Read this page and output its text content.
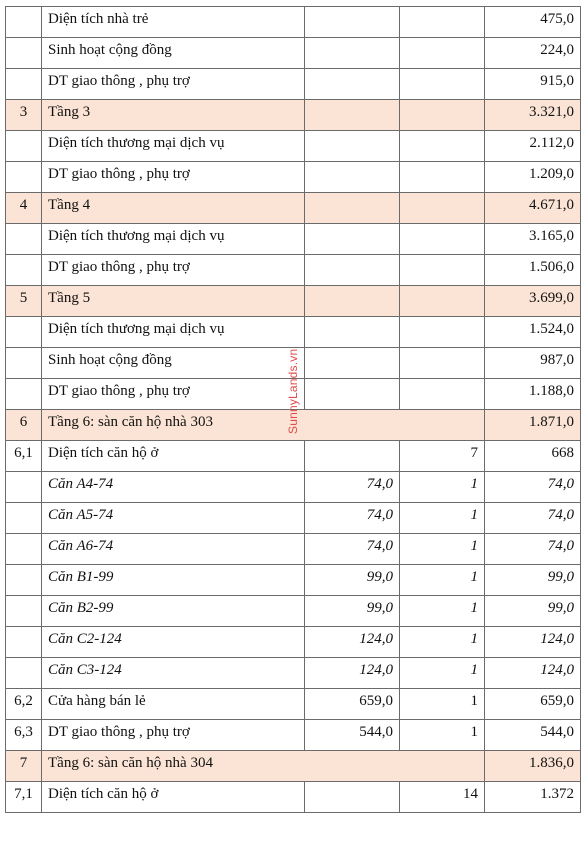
	Diện tích nhà trẻ			475,0
	Sinh hoạt cộng đồng			224,0
	DT giao thông , phụ trợ			915,0
3	Tầng 3			3.321,0
	Diện tích thương mại dịch vụ			2.112,0
	DT giao thông , phụ trợ			1.209,0
4	Tầng 4			4.671,0
	Diện tích thương mại dịch vụ			3.165,0
	DT giao thông , phụ trợ			1.506,0
5	Tầng 5			3.699,0
	Diện tích thương mại dịch vụ			1.524,0
	Sinh hoạt cộng đồng			987,0
	DT giao thông , phụ trợ			1.188,0
6	Tầng 6: sàn căn hộ nhà 303			1.871,0
6,1	Diện tích căn hộ ở		7	668
	Căn A4-74	74,0	1	74,0
	Căn A5-74	74,0	1	74,0
	Căn A6-74	74,0	1	74,0
	Căn B1-99	99,0	1	99,0
	Căn B2-99	99,0	1	99,0
	Căn C2-124	124,0	1	124,0
	Căn C3-124	124,0	1	124,0
6,2	Cửa hàng bán lẻ	659,0	1	659,0
6,3	DT giao thông , phụ trợ	544,0	1	544,0
7	Tầng 6: sàn căn hộ nhà 304			1.836,0
7,1	Diện tích căn hộ ở		14	1.372
SunnyLands.vn
